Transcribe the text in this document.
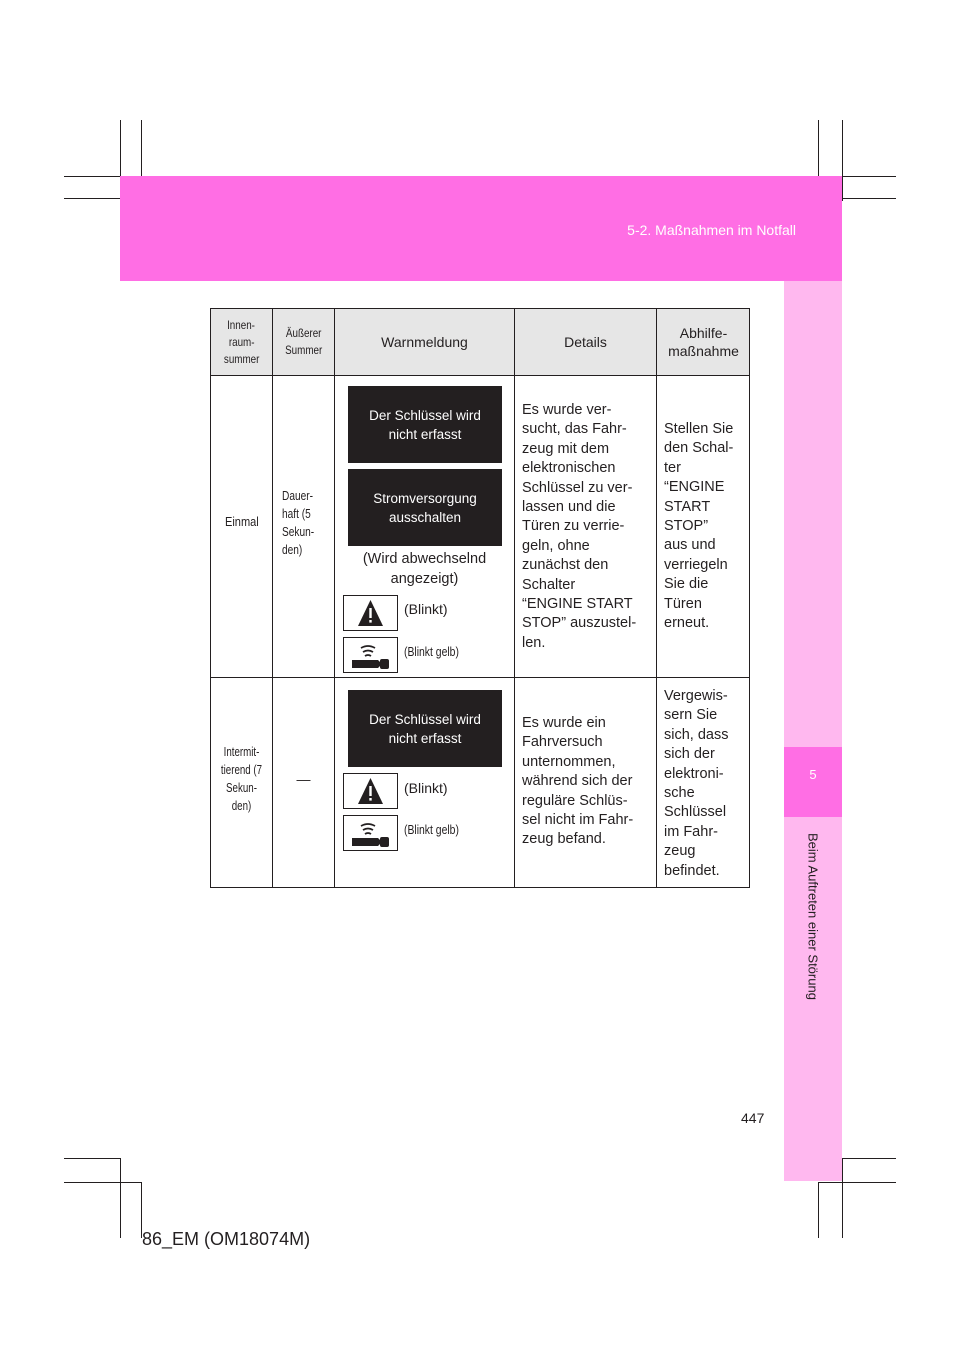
5-2. Maßnahmen im Notfall
5
Beim Auftreten einer Störung
Innen-
raum-
summer
Äußerer
Summer	Warnmeldung	Details
Abhilfe-
maßnahme
Einmal
Dauer-
haft (5
Sekun-
den)
Der Schlüssel wird
nicht erfasst
Stromversorgung
ausschalten
(Wird abwechselnd
angezeigt)
(Blinkt)
(Blinkt gelb)
Es wurde ver-
sucht, das Fahr-
zeug mit dem
elektronischen
Schlüssel zu ver-
lassen und die
Türen zu verrie-
geln, ohne
zunächst den
Schalter
“ENGINE START
STOP” auszustel-
len.
Stellen Sie
den Schal-
ter
“ENGINE
START
STOP”
aus und
verriegeln
Sie die
Türen
erneut.
Intermit-
tierend (7
Sekun-
den)
—
Der Schlüssel wird
nicht erfasst
(Blinkt)
(Blinkt gelb)
Es wurde ein
Fahrversuch
unternommen,
während sich der
reguläre Schlüs-
sel nicht im Fahr-
zeug befand.
Vergewis-
sern Sie
sich, dass
sich der
elektroni-
sche
Schlüssel
im Fahr-
zeug
befindet.
447
86_EM (OM18074M)
